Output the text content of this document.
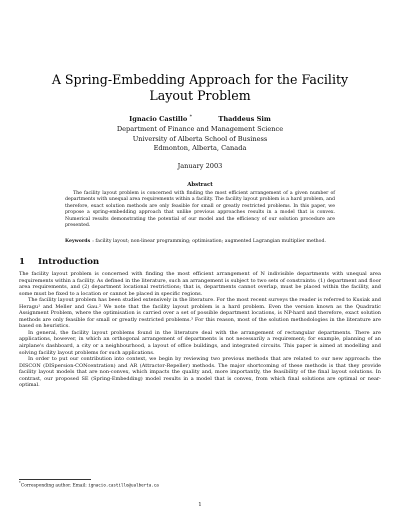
A Spring-Embedding Approach for the Facility Layout Problem
Ignacio Castillo *	Thaddeus Sim
Department of Finance and Management Science
University of Alberta School of Business
Edmonton, Alberta, Canada
January 2003
Abstract
The facility layout problem is concerned with finding the most efficient arrangement of a given number of departments with unequal area requirements within a facility. The facility layout problem is a hard problem, and therefore, exact solution methods are only feasible for small or greatly restricted problems. In this paper, we propose a spring-embedding approach that unlike previous approaches results in a model that is convex. Numerical results demonstrating the potential of our model and the efficiency of our solution procedure are presented.
Keywords : facility layout; non-linear programming; optimisation; augmented Lagrangian multiplier method.
1 Introduction

The facility layout problem is concerned with finding the most efficient arrangement of N indivisible departments with unequal area requirements within a facility. As defined in the literature, such an arrangement is subject to two sets of constraints: (1) department and floor area requirements, and (2) department locational restrictions; that is, departments cannot overlap, must be placed within the facility, and some must be fixed to a location or cannot be placed in specific regions.

The facility layout problem has been studied extensively in the literature. For the most recent surveys the reader is referred to Kusiak and Heragu¹ and Meller and Gau.² We note that the facility layout problem is a hard problem. Even the version known as the Quadratic Assignment Problem, where the optimisation is carried over a set of possible department locations, is NP-hard and therefore, exact solution methods are only feasible for small or greatly restricted problems.³ For this reason, most of the solution methodologies in the literature are based on heuristics.

In general, the facility layout problems found in the literature deal with the arrangement of rectangular departments. There are applications, however, in which an orthogonal arrangement of departments is not necessarily a requirement; for example, planning of an airplane's dashboard, a city or a neighbourhood, a layout of office buildings, and integrated circuits. This paper is aimed at modelling and solving facility layout problems for such applications.

In order to put our contribution into context, we begin by reviewing two previous methods that are related to our new approach: the DISCON (DISpersion-CONcentration) and AR (Attractor-Repeller) methods. The major shortcoming of these methods is that they provide facility layout models that are non-convex, which impacts the quality and, more importantly, the feasibility of the final layout solutions. In contrast, our proposed SE (Spring-Embedding) model results in a model that is convex, from which final solutions are optimal or near-optimal.

*Corresponding author. Email: ignacio.castillo@ualberta.ca
1
